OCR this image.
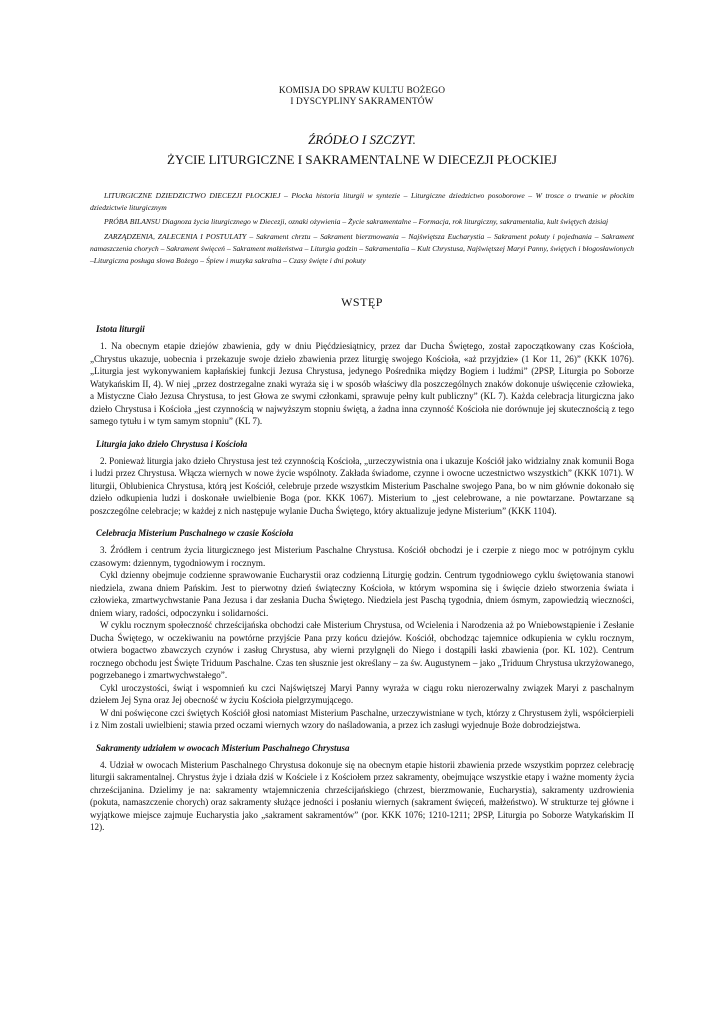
KOMISJA DO SPRAW KULTU BOŻEGO
I DYSCYPLINY SAKRAMENTÓW
ŹRÓDŁO I SZCZYT.
ŻYCIE LITURGICZNE I SAKRAMENTALNE W DIECEZJI PŁOCKIEJ

LITURGICZNE DZIEDZICTWO DIECEZJI PŁOCKIEJ – Płocka historia liturgii w syntezie – Liturgiczne dziedzictwo posoborowe – W trosce o trwanie w płockim dziedzictwie liturgicznym

PRÓBA BILANSU Diagnoza życia liturgicznego w Diecezji, oznaki ożywienia – Życie sakramentalne – Formacja, rok liturgiczny, sakramentalia, kult świętych dzisiaj

ZARZĄDZENIA, ZALECENIA I POSTULATY – Sakrament chrztu – Sakrament bierzmowania – Najświętsza Eucharystia – Sakrament pokuty i pojednania – Sakrament namaszczenia chorych – Sakrament święceń – Sakrament małżeństwa – Liturgia godzin – Sakramentalia – Kult Chrystusa, Najświętszej Maryi Panny, świętych i błogosławionych –Liturgiczna posługa słowa Bożego – Śpiew i muzyka sakralna – Czasy święte i dni pokuty

WSTĘP
Istota liturgii

1. Na obecnym etapie dziejów zbawienia, gdy w dniu Pięćdziesiątnicy, przez dar Ducha Świętego, został zapoczątkowany czas Kościoła, „Chrystus ukazuje, uobecnia i przekazuje swoje dzieło zbawienia przez liturgię swojego Kościoła, «aż przyjdzie» (1 Kor 11, 26)” (KKK 1076). „Liturgia jest wykonywaniem kapłańskiej funkcji Jezusa Chrystusa, jedynego Pośrednika między Bogiem i ludźmi” (2PSP, Liturgia po Soborze Watykańskim II, 4). W niej „przez dostrzegalne znaki wyraża się i w sposób właściwy dla poszczególnych znaków dokonuje uświęcenie człowieka, a Mistyczne Ciało Jezusa Chrystusa, to jest Głowa ze swymi członkami, sprawuje pełny kult publiczny” (KL 7). Każda celebracja liturgiczna jako dzieło Chrystusa i Kościoła „jest czynnością w najwyższym stopniu świętą, a żadna inna czynność Kościoła nie dorównuje jej skutecznością z tego samego tytułu i w tym samym stopniu” (KL 7).

Liturgia jako dzieło Chrystusa i Kościoła

2. Ponieważ liturgia jako dzieło Chrystusa jest też czynnością Kościoła, „urzeczywistnia ona i ukazuje Kościół jako widzialny znak komunii Boga i ludzi przez Chrystusa. Włącza wiernych w nowe życie wspólnoty. Zakłada świadome, czynne i owocne uczestnictwo wszystkich” (KKK 1071). W liturgii, Oblubienica Chrystusa, którą jest Kościół, celebruje przede wszystkim Misterium Paschalne swojego Pana, bo w nim głównie dokonało się dzieło odkupienia ludzi i doskonałe uwielbienie Boga (por. KKK 1067). Misterium to „jest celebrowane, a nie powtarzane. Powtarzane są poszczególne celebracje; w każdej z nich następuje wylanie Ducha Świętego, który aktualizuje jedyne Misterium” (KKK 1104).

Celebracja Misterium Paschalnego w czasie Kościoła

3. Źródłem i centrum życia liturgicznego jest Misterium Paschalne Chrystusa. Kościół obchodzi je i czerpie z niego moc w potrójnym cyklu czasowym: dziennym, tygodniowym i rocznym.

Cykl dzienny obejmuje codzienne sprawowanie Eucharystii oraz codzienną Liturgię godzin. Centrum tygodniowego cyklu świętowania stanowi niedziela, zwana dniem Pańskim. Jest to pierwotny dzień świąteczny Kościoła, w którym wspomina się i święcie dzieło stworzenia świata i człowieka, zmartwychwstanie Pana Jezusa i dar zesłania Ducha Świętego. Niedziela jest Paschą tygodnia, dniem ósmym, zapowiedzią wieczności, dniem wiary, radości, odpoczynku i solidarności.

W cyklu rocznym społeczność chrześcijańska obchodzi całe Misterium Chrystusa, od Wcielenia i Narodzenia aż po Wniebowstąpienie i Zesłanie Ducha Świętego, w oczekiwaniu na powtórne przyjście Pana przy końcu dziejów. Kościół, obchodząc tajemnice odkupienia w cyklu rocznym, otwiera bogactwo zbawczych czynów i zasług Chrystusa, aby wierni przylgnęli do Niego i dostąpili łaski zbawienia (por. KL 102). Centrum rocznego obchodu jest Święte Triduum Paschalne. Czas ten słusznie jest określany – za św. Augustynem – jako „Triduum Chrystusa ukrzyżowanego, pogrzebanego i zmartwychwstałego”.

Cykl uroczystości, świąt i wspomnień ku czci Najświętszej Maryi Panny wyraża w ciągu roku nierozerwalny związek Maryi z paschalnym dziełem Jej Syna oraz Jej obecność w życiu Kościoła pielgrzymującego.

W dni poświęcone czci świętych Kościół głosi natomiast Misterium Paschalne, urzeczywistniane w tych, którzy z Chrystusem żyli, współcierpieli i z Nim zostali uwielbieni; stawia przed oczami wiernych wzory do naśladowania, a przez ich zasługi wyjednuje Boże dobrodziejstwa.

Sakramenty udziałem w owocach Misterium Paschalnego Chrystusa

4. Udział w owocach Misterium Paschalnego Chrystusa dokonuje się na obecnym etapie historii zbawienia przede wszystkim poprzez celebrację liturgii sakramentalnej. Chrystus żyje i działa dziś w Kościele i z Kościołem przez sakramenty, obejmujące wszystkie etapy i ważne momenty życia chrześcijanina. Dzielimy je na: sakramenty wtajemniczenia chrześcijańskiego (chrzest, bierzmowanie, Eucharystia), sakramenty uzdrowienia (pokuta, namaszczenie chorych) oraz sakramenty służące jedności i posłaniu wiernych (sakrament święceń, małżeństwo). W strukturze tej główne i wyjątkowe miejsce zajmuje Eucharystia jako „sakrament sakramentów” (por. KKK 1076; 1210-1211; 2PSP, Liturgia po Soborze Watykańskim II 12).
